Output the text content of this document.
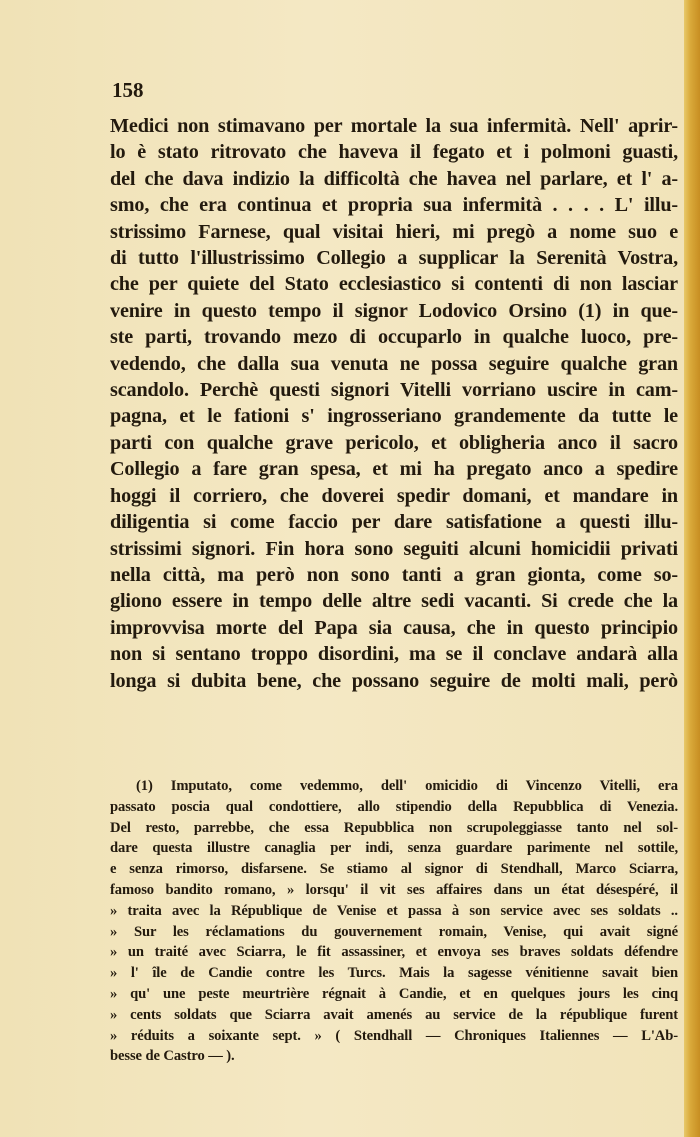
158
Medici non stimavano per mortale la sua infermità. Nell' aprir-
lo è stato ritrovato che haveva il fegato et i polmoni guasti,
del che dava indizio la difficoltà che havea nel parlare, et l' a-
smo, che era continua et propria sua infermità . . . . L' illu-
strissimo Farnese, qual visitai hieri, mi pregò a nome suo e
di tutto l'illustrissimo Collegio a supplicar la Serenità Vostra,
che per quiete del Stato ecclesiastico si contenti di non lasciar
venire in questo tempo il signor Lodovico Orsino (1) in que-
ste parti, trovando mezo di occuparlo in qualche luoco, pre-
vedendo, che dalla sua venuta ne possa seguire qualche gran
scandolo. Perchè questi signori Vitelli vorriano uscire in cam-
pagna, et le fationi s' ingrosseriano grandemente da tutte le
parti con qualche grave pericolo, et obligheria anco il sacro
Collegio a fare gran spesa, et mi ha pregato anco a spedire
hoggi il corriero, che doverei spedir domani, et mandare in
diligentia si come faccio per dare satisfatione a questi illu-
strissimi signori. Fin hora sono seguiti alcuni homicidii privati
nella città, ma però non sono tanti a gran gionta, come so-
gliono essere in tempo delle altre sedi vacanti. Si crede che la
improvvisa morte del Papa sia causa, che in questo principio
non si sentano troppo disordini, ma se il conclave andarà alla
longa si dubita bene, che possano seguire de molti mali, però
(1) Imputato, come vedemmo, dell' omicidio di Vincenzo Vitelli, era
passato poscia qual condottiere, allo stipendio della Repubblica di Venezia.
Del resto, parrebbe, che essa Repubblica non scrupoleggiasse tanto nel sol-
dare questa illustre canaglia per indi, senza guardare parimente nel sottile,
e senza rimorso, disfarsene. Se stiamo al signor di Stendhall, Marco Sciarra,
famoso bandito romano, » lorsqu' il vit ses affaires dans un état désespéré, il
» traita avec la République de Venise et passa à son service avec ses soldats ..
» Sur les réclamations du gouvernement romain, Venise, qui avait signé
» un traité avec Sciarra, le fit assassiner, et envoya ses braves soldats défendre
» l' île de Candie contre les Turcs. Mais la sagesse vénitienne savait bien
» qu' une peste meurtrière régnait à Candie, et en quelques jours les cinq
» cents soldats que Sciarra avait amenés au service de la république furent
» réduits a soixante sept. » ( Stendhall — Chroniques Italiennes — L'Ab-
besse de Castro — ).
